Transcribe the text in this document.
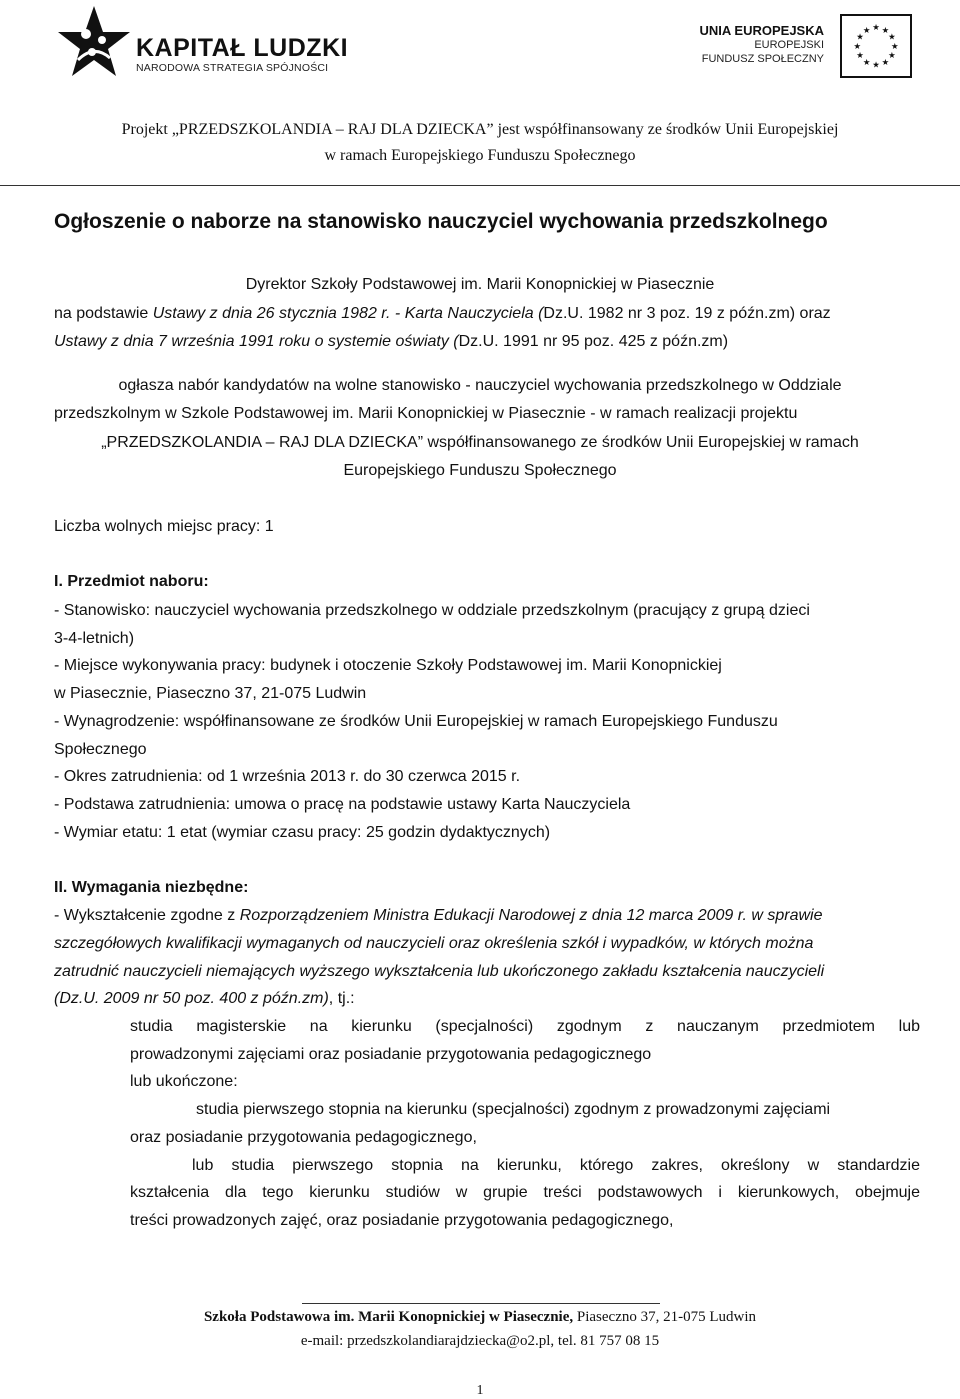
KAPITAŁ LUDZKI
NARODOWA STRATEGIA SPÓJNOŚCI
UNIA EUROPEJSKA
EUROPEJSKI
FUNDUSZ SPOŁECZNY
★ ★
★
★
★
★
★
★
★
★
★
★
Projekt „PRZEDSZKOLANDIA – RAJ DLA DZIECKA” jest współfinansowany ze środków Unii Europejskiej
w ramach Europejskiego Funduszu Społecznego
Ogłoszenie o naborze na stanowisko nauczyciel wychowania przedszkolnego
Dyrektor Szkoły Podstawowej im. Marii Konopnickiej w Piasecznie
na podstawie Ustawy z dnia 26 stycznia 1982 r. - Karta Nauczyciela (Dz.U. 1982 nr 3 poz. 19 z późn.zm) oraz
Ustawy z dnia 7 września 1991 roku o systemie oświaty (Dz.U. 1991 nr 95 poz. 425 z późn.zm)
ogłasza nabór kandydatów na wolne stanowisko - nauczyciel wychowania przedszkolnego w Oddziale
przedszkolnym w Szkole Podstawowej im. Marii Konopnickiej w Piasecznie - w ramach realizacji projektu
„PRZEDSZKOLANDIA – RAJ DLA DZIECKA” współfinansowanego ze środków Unii Europejskiej w ramach
Europejskiego Funduszu Społecznego
Liczba wolnych miejsc pracy: 1
I. Przedmiot naboru:
- Stanowisko: nauczyciel wychowania przedszkolnego w oddziale przedszkolnym (pracujący z grupą dzieci
3-4-letnich)
- Miejsce wykonywania pracy: budynek i otoczenie Szkoły Podstawowej im. Marii Konopnickiej
w Piasecznie, Piaseczno 37, 21-075 Ludwin
- Wynagrodzenie: współfinansowane ze środków Unii Europejskiej w ramach Europejskiego Funduszu
Społecznego
- Okres zatrudnienia: od 1 września 2013 r. do 30 czerwca 2015 r.
- Podstawa zatrudnienia: umowa o pracę na podstawie ustawy Karta Nauczyciela
- Wymiar etatu: 1 etat (wymiar czasu pracy: 25 godzin dydaktycznych)
II. Wymagania niezbędne:
- Wykształcenie zgodne z Rozporządzeniem Ministra Edukacji Narodowej z dnia 12 marca 2009 r. w sprawie
szczegółowych kwalifikacji wymaganych od nauczycieli oraz określenia szkół i wypadków, w których można
zatrudnić nauczycieli niemających wyższego wykształcenia lub ukończonego zakładu kształcenia nauczycieli
(Dz.U. 2009 nr 50 poz. 400 z późn.zm), tj.:
studia magisterskie na kierunku (specjalności) zgodnym z nauczanym przedmiotem lub
prowadzonymi zajęciami oraz posiadanie przygotowania pedagogicznego
lub ukończone:
studia pierwszego stopnia na kierunku (specjalności) zgodnym z prowadzonymi zajęciami
oraz posiadanie przygotowania pedagogicznego,
lub studia pierwszego stopnia na kierunku, którego zakres, określony w standardzie
kształcenia dla tego kierunku studiów w grupie treści podstawowych i kierunkowych, obejmuje
treści prowadzonych zajęć, oraz posiadanie przygotowania pedagogicznego,
Szkoła Podstawowa im. Marii Konopnickiej w Piasecznie, Piaseczno 37, 21-075 Ludwin
e-mail: przedszkolandiarajdziecka@o2.pl, tel. 81 757 08 15
1
